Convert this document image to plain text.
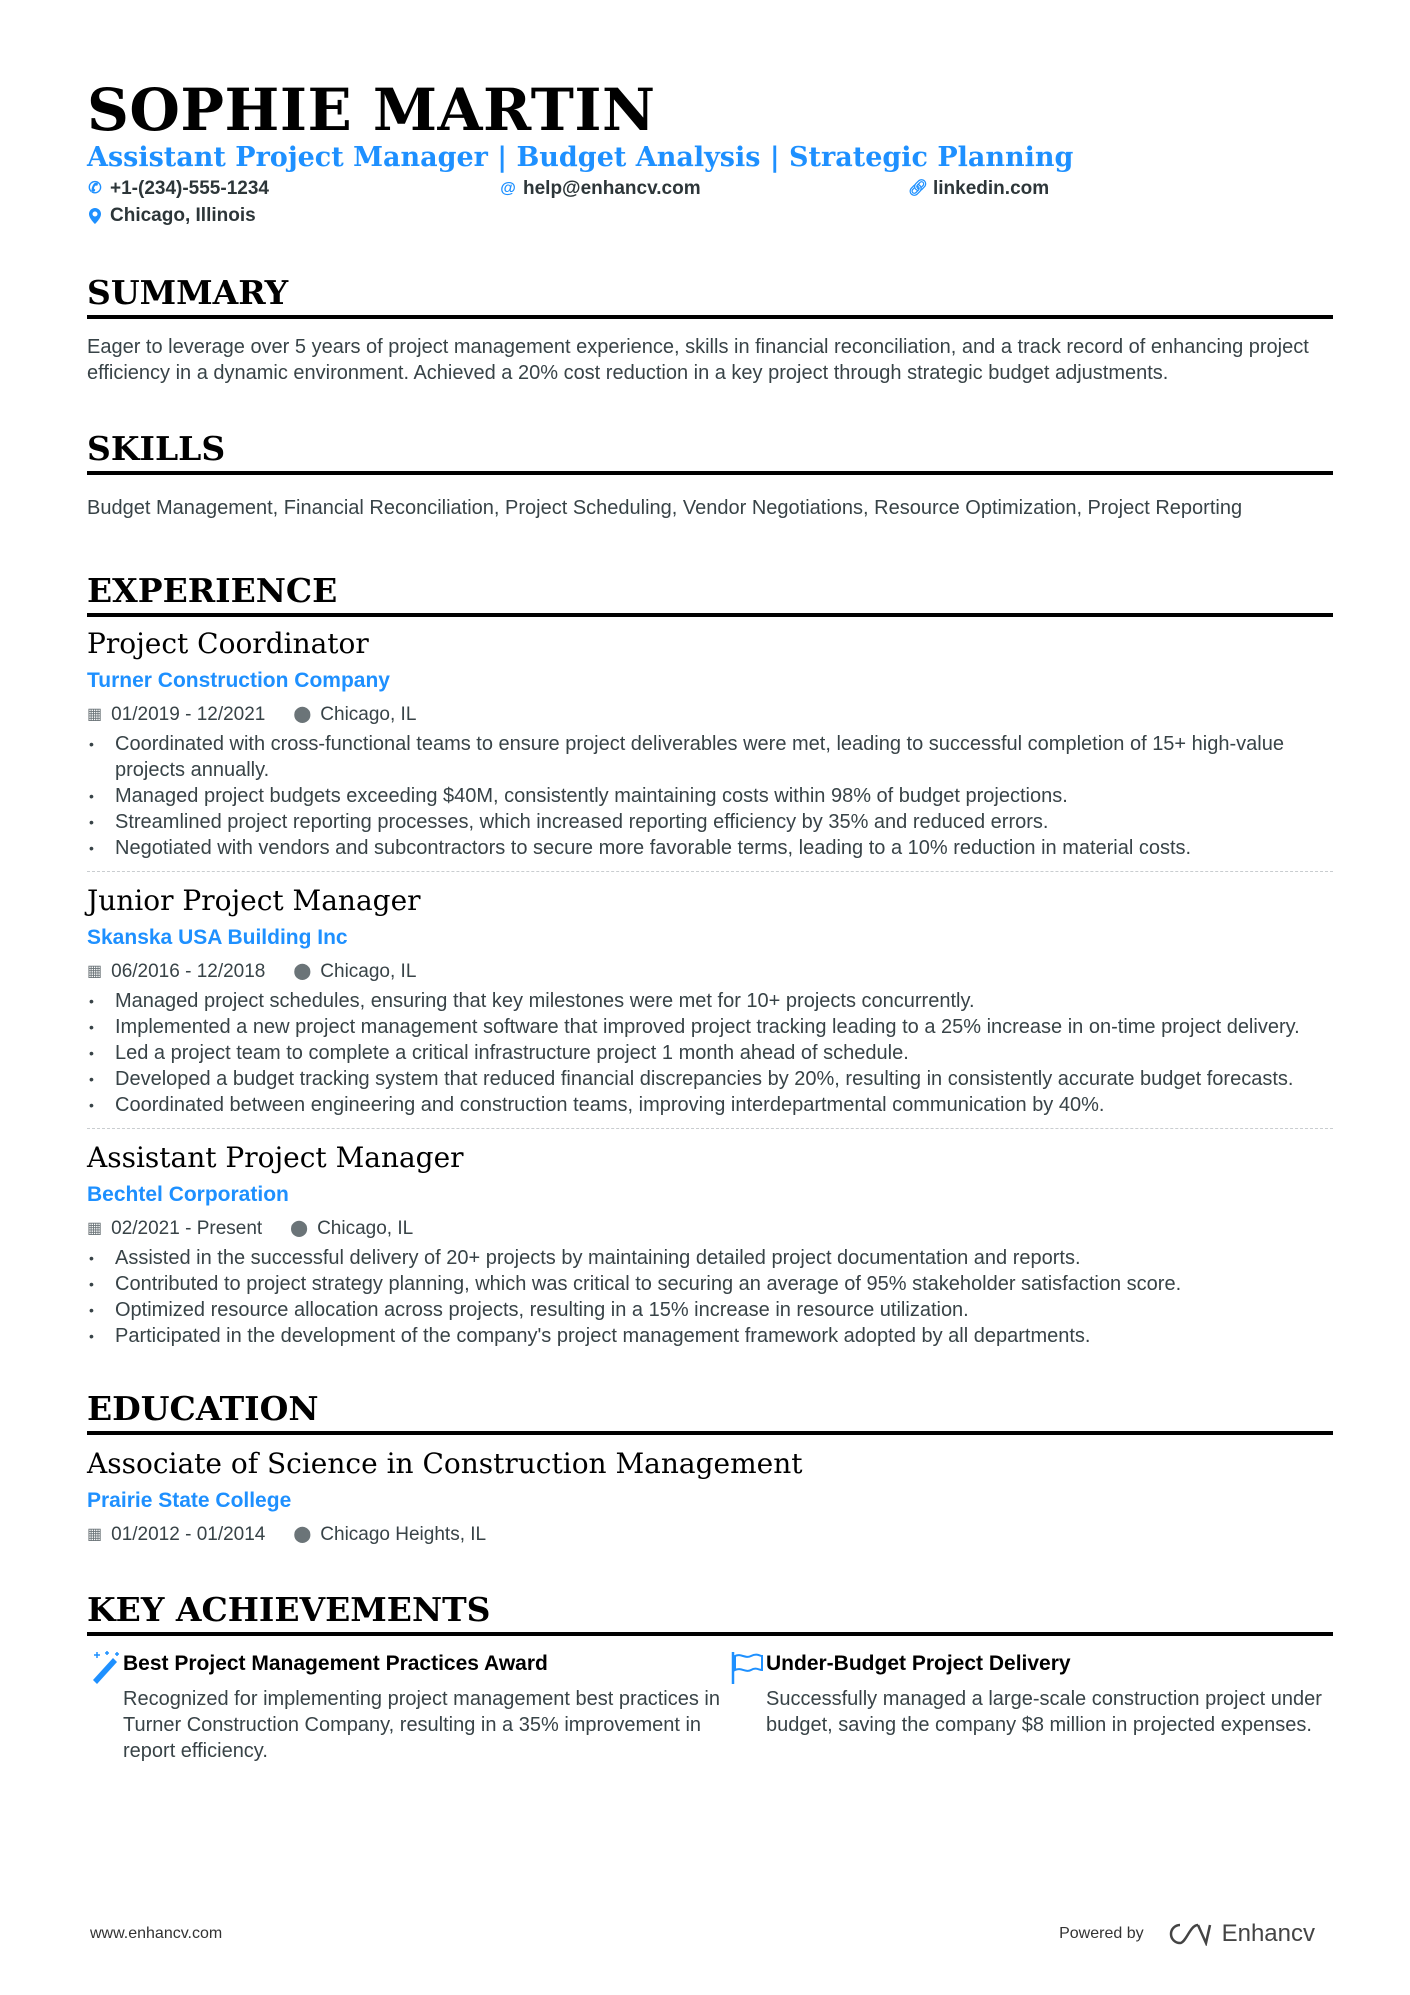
SOPHIE MARTIN
Assistant Project Manager | Budget Analysis | Strategic Planning
✆ +1-(234)-555-1234	@ help@enhancv.com	🔗︎ linkedin.com
Chicago, Illinois
SUMMARY
Eager to leverage over 5 years of project management experience, skills in financial reconciliation, and a track record of enhancing project efficiency in a dynamic environment. Achieved a 20% cost reduction in a key project through strategic budget adjustments.
SKILLS
Budget Management, Financial Reconciliation, Project Scheduling, Vendor Negotiations, Resource Optimization, Project Reporting
EXPERIENCE
Project Coordinator
Turner Construction Company
▦ 01/2019 - 12/2021 ⬤ Chicago, IL
• Coordinated with cross-functional teams to ensure project deliverables were met, leading to successful completion of 15+ high-value projects annually.
• Managed project budgets exceeding $40M, consistently maintaining costs within 98% of budget projections.
• Streamlined project reporting processes, which increased reporting efficiency by 35% and reduced errors.
• Negotiated with vendors and subcontractors to secure more favorable terms, leading to a 10% reduction in material costs.
Junior Project Manager
Skanska USA Building Inc
▦ 06/2016 - 12/2018 ⬤ Chicago, IL
• Managed project schedules, ensuring that key milestones were met for 10+ projects concurrently.
• Implemented a new project management software that improved project tracking leading to a 25% increase in on-time project delivery.
• Led a project team to complete a critical infrastructure project 1 month ahead of schedule.
• Developed a budget tracking system that reduced financial discrepancies by 20%, resulting in consistently accurate budget forecasts.
• Coordinated between engineering and construction teams, improving interdepartmental communication by 40%.
Assistant Project Manager
Bechtel Corporation
▦ 02/2021 - Present ⬤ Chicago, IL
• Assisted in the successful delivery of 20+ projects by maintaining detailed project documentation and reports.
• Contributed to project strategy planning, which was critical to securing an average of 95% stakeholder satisfaction score.
• Optimized resource allocation across projects, resulting in a 15% increase in resource utilization.
• Participated in the development of the company's project management framework adopted by all departments.
EDUCATION
Associate of Science in Construction Management
Prairie State College
▦ 01/2012 - 01/2014 ⬤ Chicago Heights, IL
KEY ACHIEVEMENTS
Best Project Management Practices Award
Recognized for implementing project management best practices in Turner Construction Company, resulting in a 35% improvement in report efficiency.
Under-Budget Project Delivery
Successfully managed a large-scale construction project under budget, saving the company $8 million in projected expenses.
www.enhancv.com	Powered by	Enhancv
